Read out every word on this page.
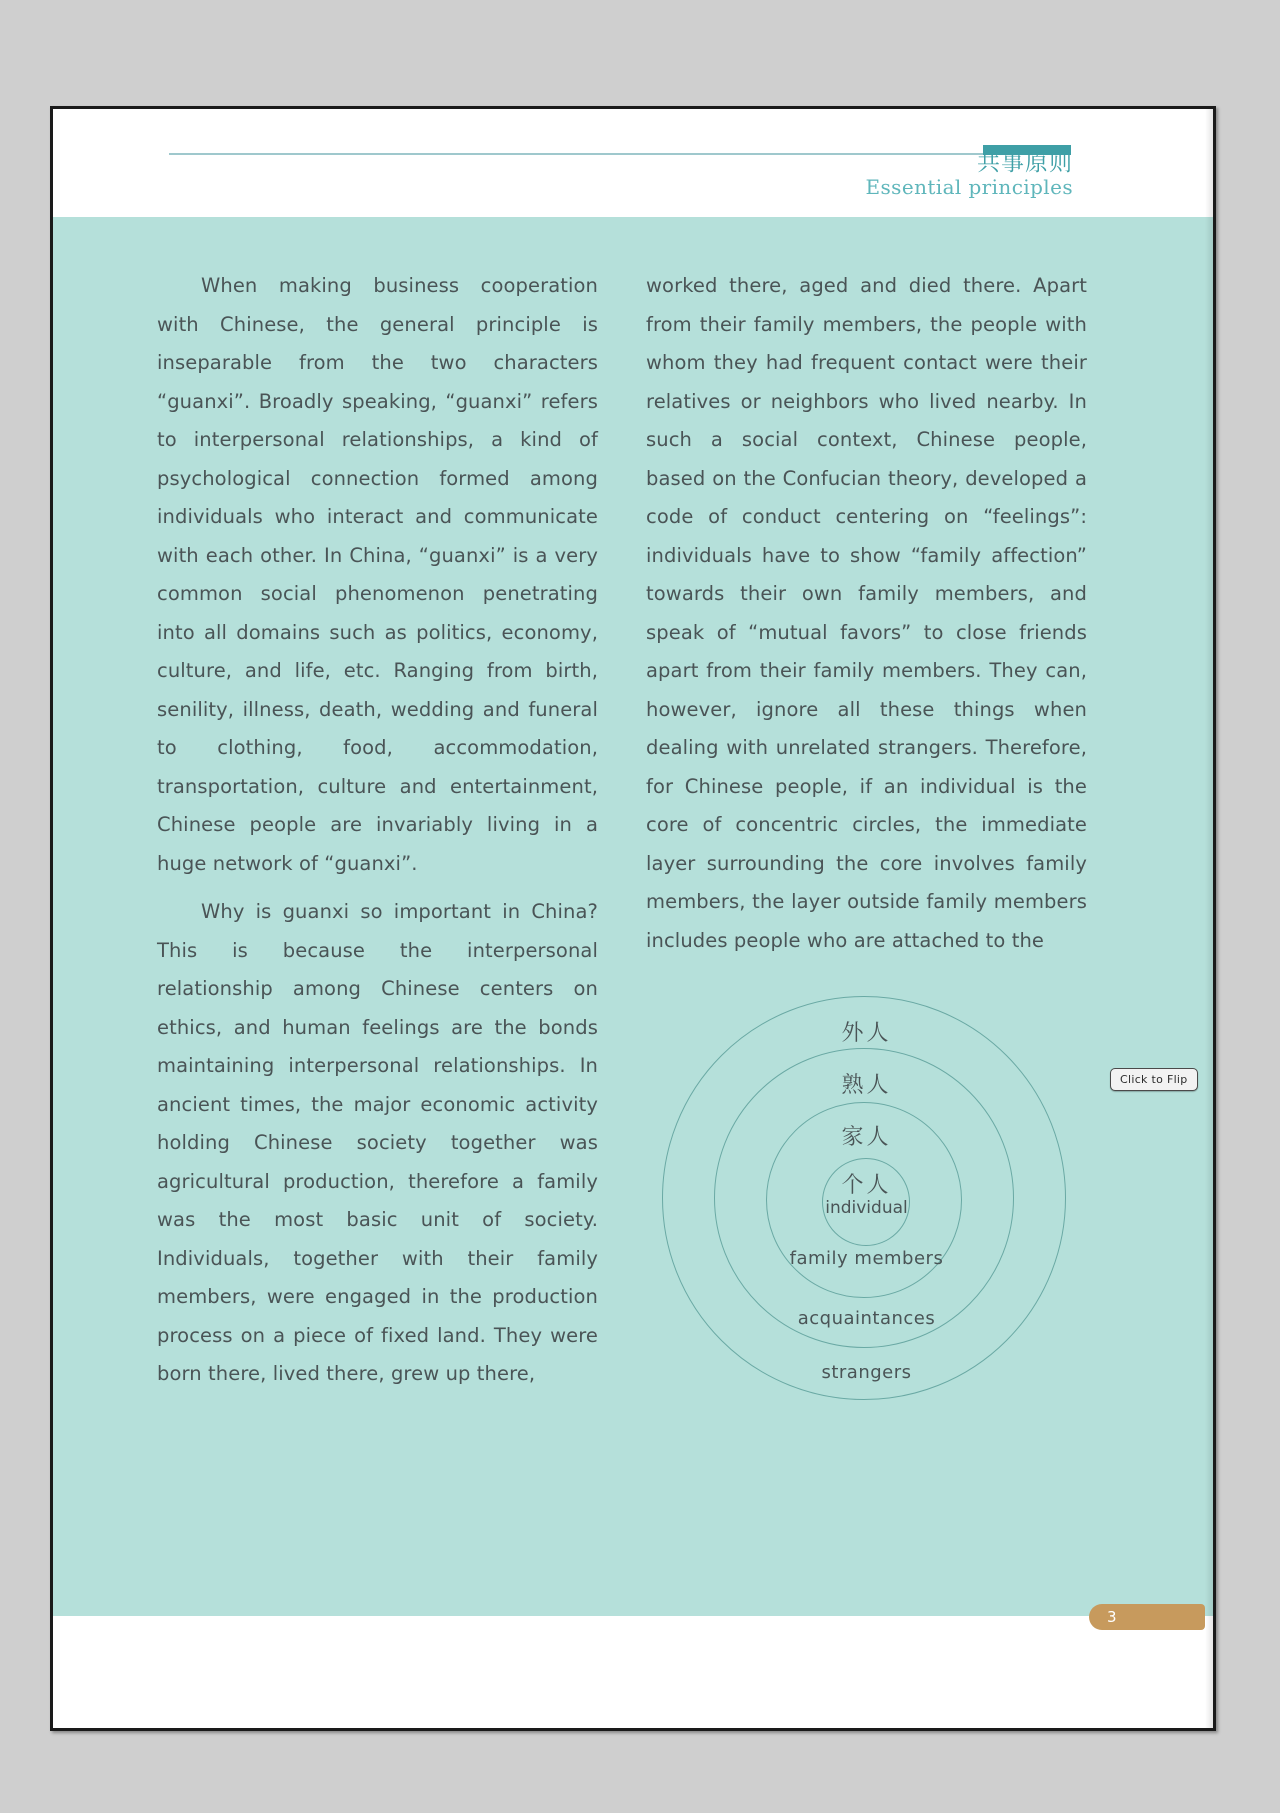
共事原则
Essential principles

When making business cooperation with Chinese, the general principle is inseparable from the two characters “guanxi”. Broadly speaking, “guanxi” refers to interpersonal relationships, a kind of psychological connection formed among individuals who interact and communicate with each other. In China, “guanxi” is a very common social phenomenon penetrating into all domains such as politics, economy, culture, and life, etc. Ranging from birth, senility, illness, death, wedding and funeral to clothing, food, accommodation, transportation, culture and entertainment, Chinese people are invariably living in a huge network of “guanxi”.

Why is guanxi so important in China? This is because the interpersonal relationship among Chinese centers on ethics, and human feelings are the bonds maintaining interpersonal relationships. In ancient times, the major economic activity holding Chinese society together was agricultural production, therefore a family was the most basic unit of society. Individuals, together with their family members, were engaged in the production process on a piece of fixed land. They were born there, lived there, grew up there,

worked there, aged and died there. Apart from their family members, the people with whom they had frequent contact were their relatives or neighbors who lived nearby. In such a social context, Chinese people, based on the Confucian theory, developed a code of conduct centering on “feelings”: individuals have to show “family affection” towards their own family members, and speak of “mutual favors” to close friends apart from their family members. They can, however, ignore all these things when dealing with unrelated strangers. Therefore, for Chinese people, if an individual is the core of concentric circles, the immediate layer surrounding the core involves family members, the layer outside family members includes people who are attached to the

外人
熟人
家人
个人
individual
family members
acquaintances
strangers
3
Click to Flip
